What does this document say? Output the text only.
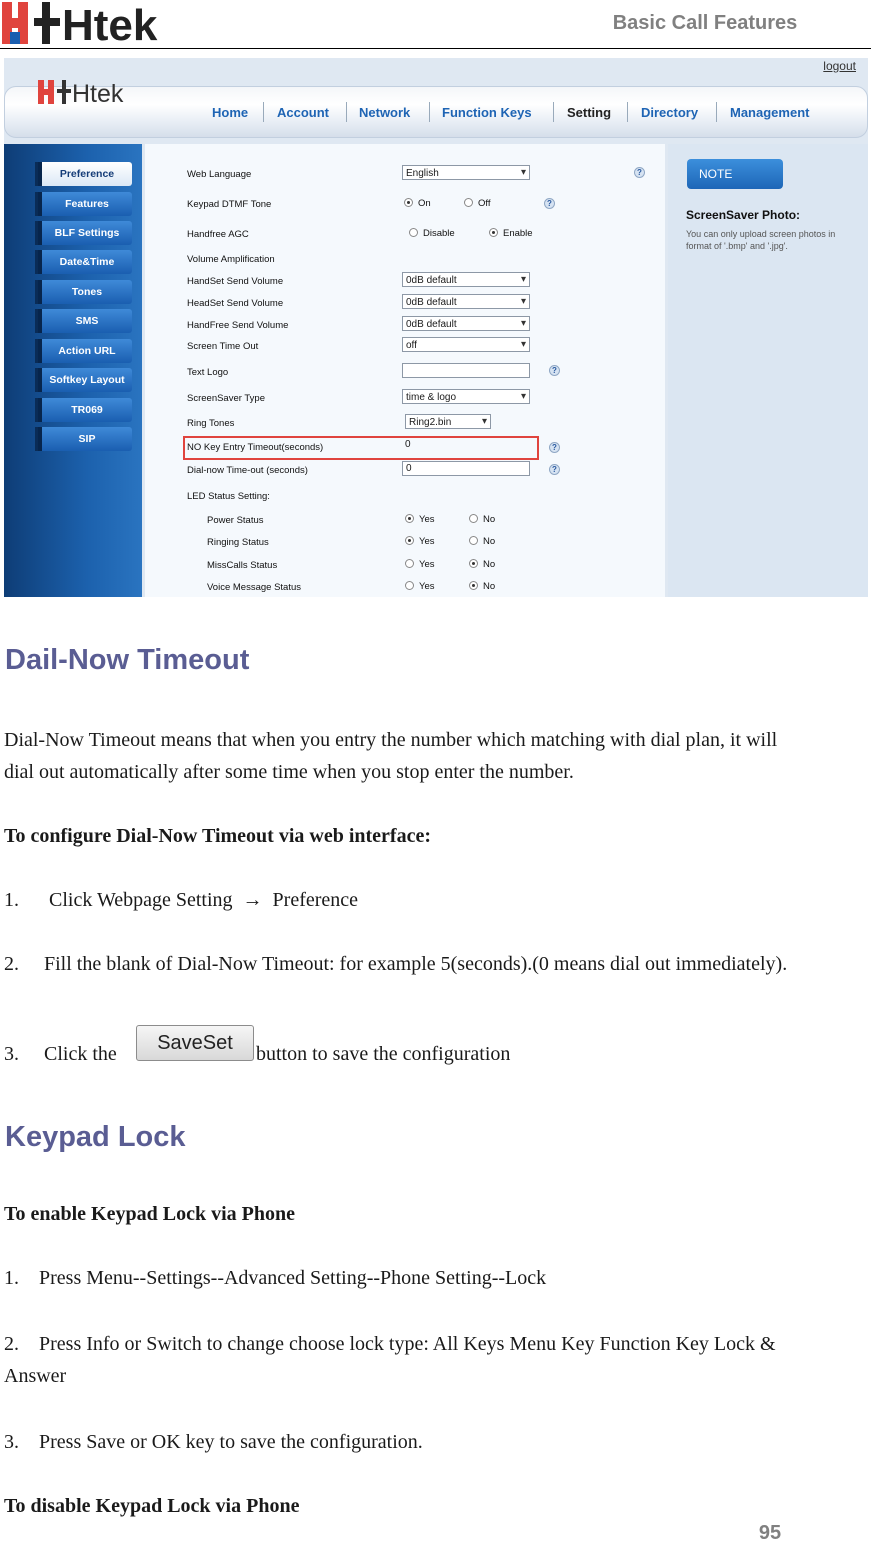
Htek	Basic Call Features
logout
Htek
Home Account Network Function Keys	Setting Directory Management
Preference
Features
BLF Settings
Date&Time
Tones
SMS
Action URL
Softkey Layout
TR069
SIP
Web Language	English ▾	?
Keypad DTMF Tone	On	Off	?
Handfree AGC	Disable	Enable
Volume Amplification
HandSet Send Volume	0dB default ▾
HeadSet Send Volume	0dB default ▾
HandFree Send Volume	0dB default ▾
Screen Time Out	off ▾
Text Logo	?
ScreenSaver Type	time & logo ▾
Ring Tones	Ring2.bin ▾
NO Key Entry Timeout(seconds)	0	?
Dial-now Time-out (seconds)	0	?
LED Status Setting:
Power Status	Yes	No
Ringing Status	Yes	No
MissCalls Status	Yes	No
Voice Message Status	Yes	No
NOTE
ScreenSaver Photo:
You can only upload screen photos in format of '.bmp' and '.jpg'.
Dail-Now Timeout
Dial-Now Timeout means that when you entry the number which matching with dial plan, it will
dial out automatically after some time when you stop enter the number.
To configure Dial-Now Timeout via web interface:
1.      Click Webpage Setting  →  Preference
2.     Fill the blank of Dial-Now Timeout: for example 5(seconds).(0 means dial out immediately).
3.     Click the	SaveSet	button to save the configuration
Keypad Lock
To enable Keypad Lock via Phone
1.    Press Menu--Settings--Advanced Setting--Phone Setting--Lock
2.    Press Info or Switch to change choose lock type: All Keys Menu Key Function Key Lock &
Answer
3.    Press Save or OK key to save the configuration.
To disable Keypad Lock via Phone
95
